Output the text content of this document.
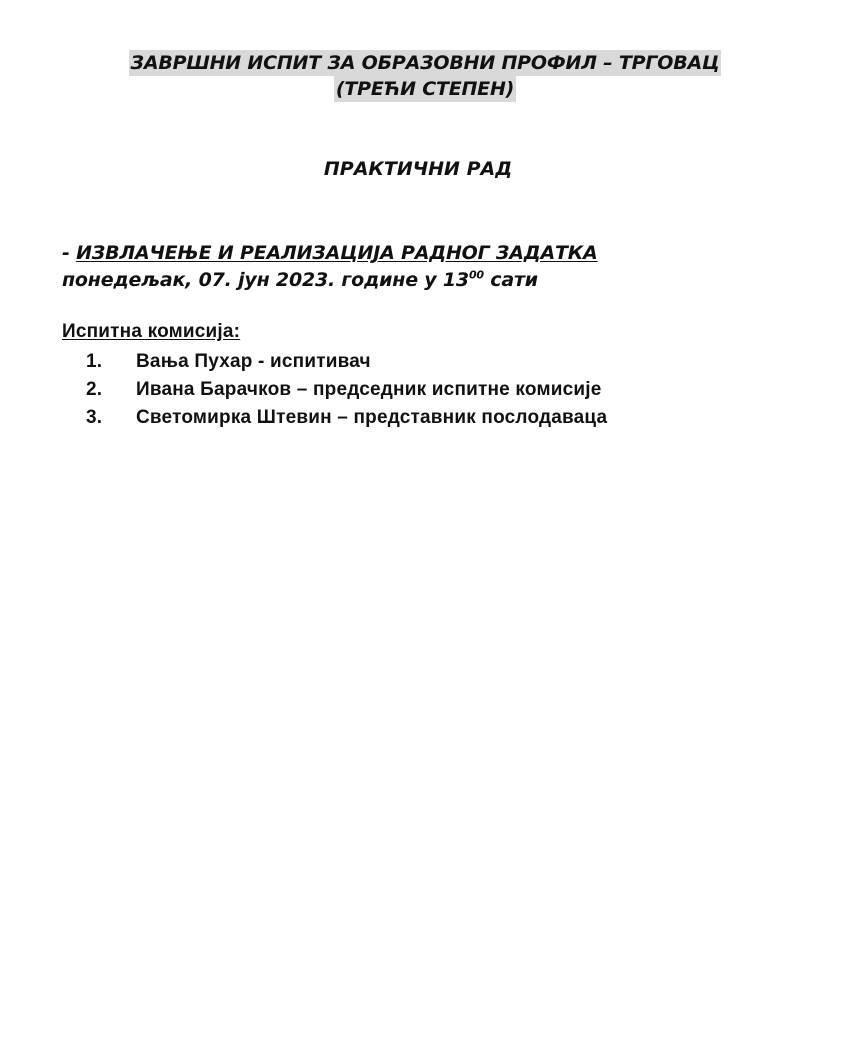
ЗАВРШНИ ИСПИТ ЗА ОБРАЗОВНИ ПРОФИЛ – ТРГОВАЦ
(ТРЕЋИ СТЕПЕН)
ПРАКТИЧНИ РАД
- ИЗВЛАЧЕЊЕ И РЕАЛИЗАЦИЈА РАДНОГ ЗАДАТКА
понедељак, 07. јун 2023. године у $13^{00}$ сати
Испитна комисија:
1.	Вања Пухар - испитивач
2.	Ивана Барачков – председник испитне комисије
3.	Светомирка Штевин – представник послодаваца
